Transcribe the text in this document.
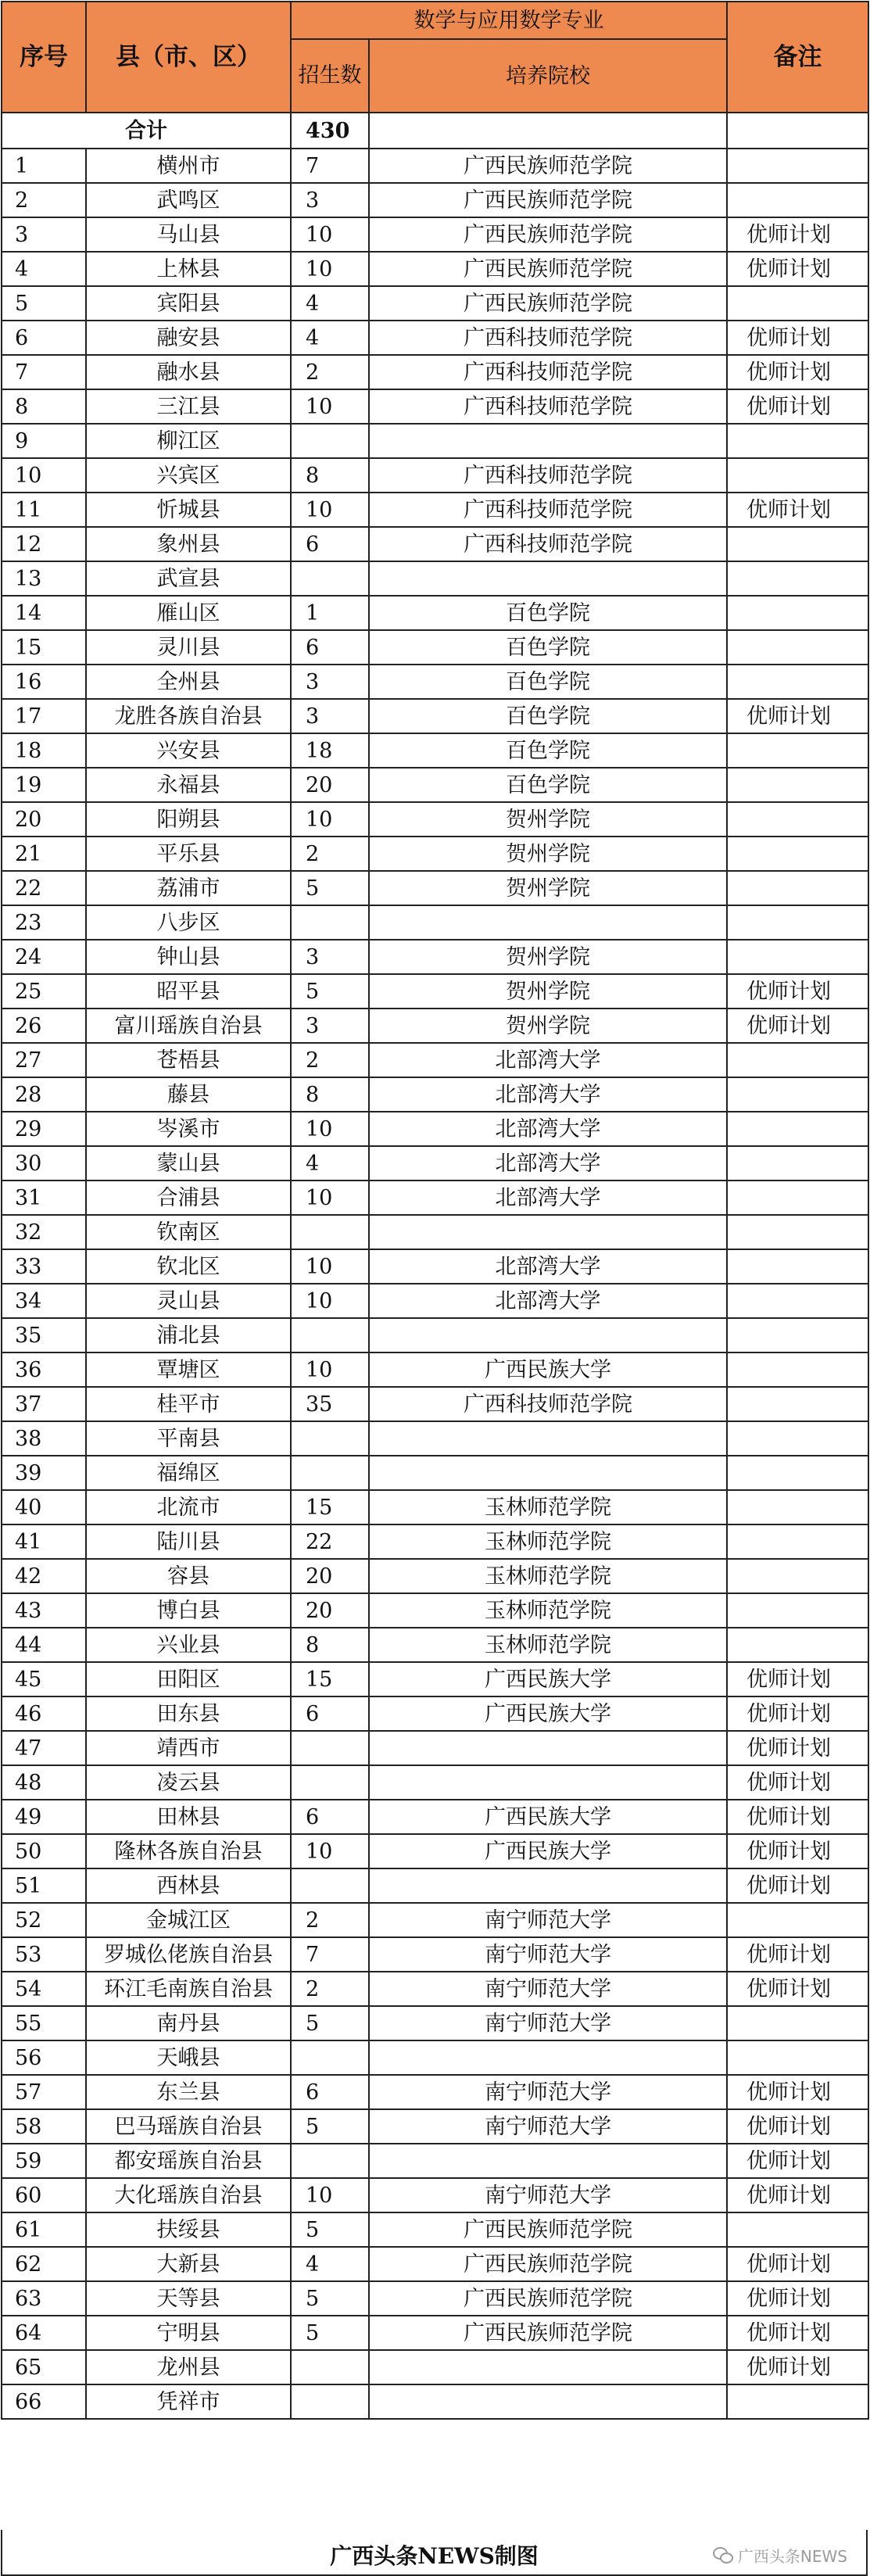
序号	县（市、区）	数学与应用数学专业		备注
		招生数	培养院校	
合计		430		
1	横州市	7	广西民族师范学院	
2	武鸣区	3	广西民族师范学院	
3	马山县	10	广西民族师范学院	优师计划
4	上林县	10	广西民族师范学院	优师计划
5	宾阳县	4	广西民族师范学院	
6	融安县	4	广西科技师范学院	优师计划
7	融水县	2	广西科技师范学院	优师计划
8	三江县	10	广西科技师范学院	优师计划
9	柳江区			
10	兴宾区	8	广西科技师范学院	
11	忻城县	10	广西科技师范学院	优师计划
12	象州县	6	广西科技师范学院	
13	武宣县			
14	雁山区	1	百色学院	
15	灵川县	6	百色学院	
16	全州县	3	百色学院	
17	龙胜各族自治县	3	百色学院	优师计划
18	兴安县	18	百色学院	
19	永福县	20	百色学院	
20	阳朔县	10	贺州学院	
21	平乐县	2	贺州学院	
22	荔浦市	5	贺州学院	
23	八步区			
24	钟山县	3	贺州学院	
25	昭平县	5	贺州学院	优师计划
26	富川瑶族自治县	3	贺州学院	优师计划
27	苍梧县	2	北部湾大学	
28	藤县	8	北部湾大学	
29	岑溪市	10	北部湾大学	
30	蒙山县	4	北部湾大学	
31	合浦县	10	北部湾大学	
32	钦南区			
33	钦北区	10	北部湾大学	
34	灵山县	10	北部湾大学	
35	浦北县			
36	覃塘区	10	广西民族大学	
37	桂平市	35	广西科技师范学院	
38	平南县			
39	福绵区			
40	北流市	15	玉林师范学院	
41	陆川县	22	玉林师范学院	
42	容县	20	玉林师范学院	
43	博白县	20	玉林师范学院	
44	兴业县	8	玉林师范学院	
45	田阳区	15	广西民族大学	优师计划
46	田东县	6	广西民族大学	优师计划
47	靖西市			优师计划
48	凌云县			优师计划
49	田林县	6	广西民族大学	优师计划
50	隆林各族自治县	10	广西民族大学	优师计划
51	西林县			优师计划
52	金城江区	2	南宁师范大学	
53	罗城仫佬族自治县	7	南宁师范大学	优师计划
54	环江毛南族自治县	2	南宁师范大学	优师计划
55	南丹县	5	南宁师范大学	
56	天峨县			
57	东兰县	6	南宁师范大学	优师计划
58	巴马瑶族自治县	5	南宁师范大学	优师计划
59	都安瑶族自治县			优师计划
60	大化瑶族自治县	10	南宁师范大学	优师计划
61	扶绥县	5	广西民族师范学院	
62	大新县	4	广西民族师范学院	优师计划
63	天等县	5	广西民族师范学院	优师计划
64	宁明县	5	广西民族师范学院	优师计划
65	龙州县			优师计划
66	凭祥市			
广西头条NEWS制图	广西头条NEWS
